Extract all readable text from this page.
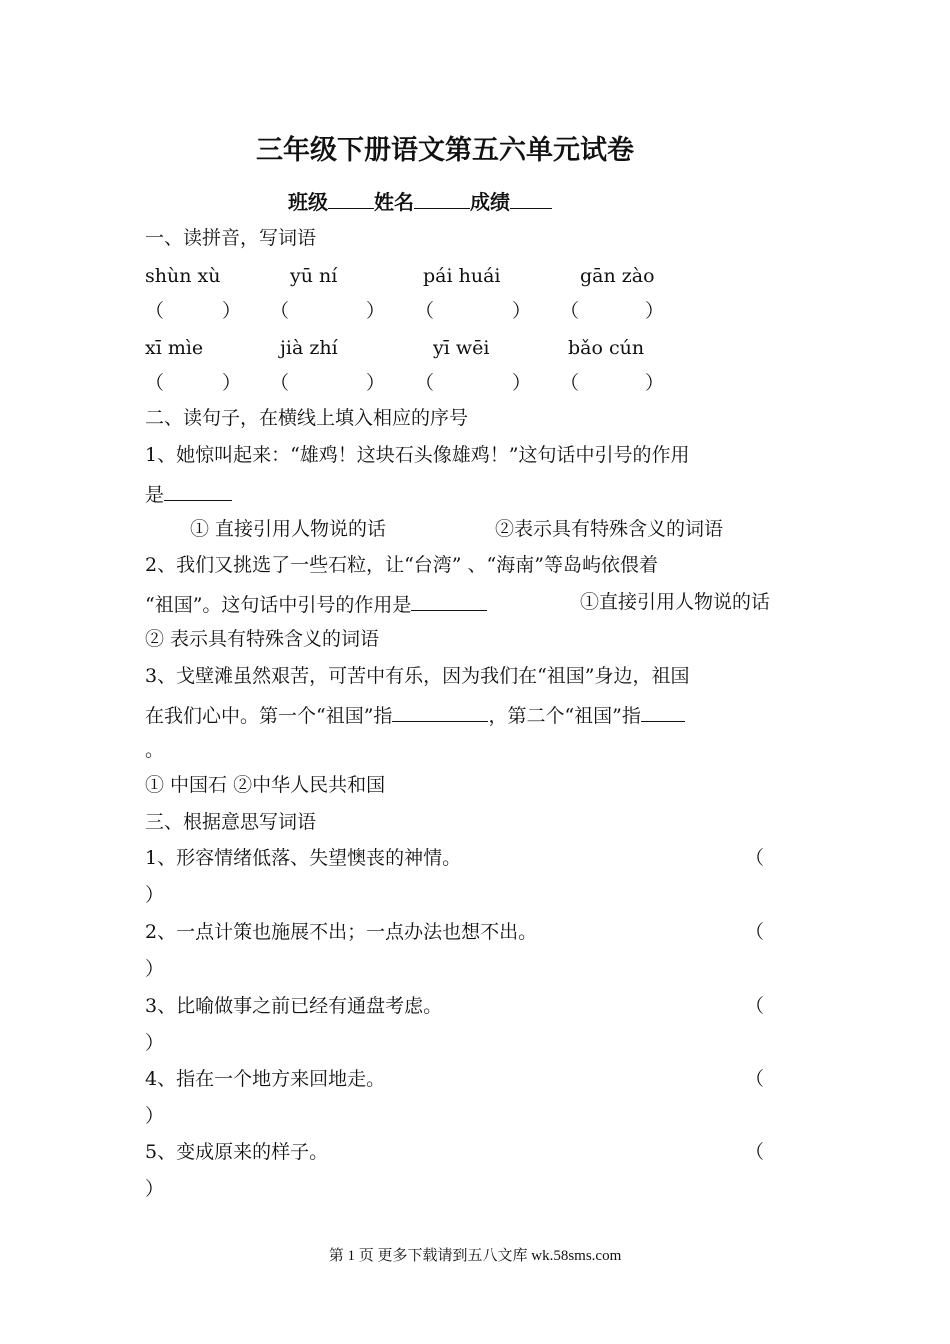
三年级下册语文第五六单元试卷
班级 姓名	成绩
一、读拼音，写词语
shùn xù	yū ní	pái huái	gān zào
（	） （	） （	） （	）
xī mìe	jià zhí	yī wēi	bǎo cún
（	） （	） （	） （	）
二、读句子，在横线上填入相应的序号
1、她惊叫起来：“雄鸡！这块石头像雄鸡！”这句话中引号的作用
是
① 直接引用人物说的话	②表示具有特殊含义的词语
2、我们又挑选了一些石粒，让“台湾” 、“海南”等岛屿依偎着
“祖国”。这句话中引号的作用是	①直接引用人物说的话
② 表示具有特殊含义的词语
3、戈壁滩虽然艰苦，可苦中有乐，因为我们在“祖国”身边，祖国
在我们心中。第一个“祖国”指	，第二个“祖国”指
。
① 中国石 ②中华人民共和国
三、根据意思写词语
1、形容情绪低落、失望懊丧的神情。	（
）
2、一点计策也施展不出；一点办法也想不出。	（
）
3、比喻做事之前已经有通盘考虑。	（
）
4、指在一个地方来回地走。	（
）
5、变成原来的样子。	（
）
第 1 页 更多下载请到五八文库 wk.58sms.com
